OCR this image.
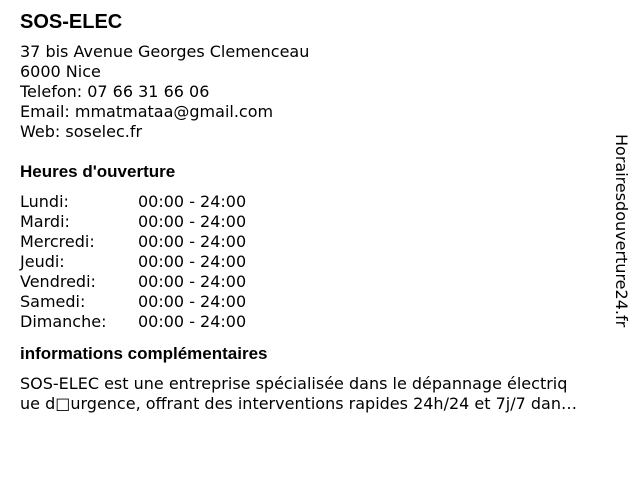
SOS-ELEC
37 bis Avenue Georges Clemenceau
6000 Nice
Telefon: 07 66 31 66 06
Email: mmatmataa@gmail.com
Web: soselec.fr
Heures d'ouverture
Lundi:	00:00 - 24:00
Mardi:	00:00 - 24:00
Mercredi:	00:00 - 24:00
Jeudi:	00:00 - 24:00
Vendredi:	00:00 - 24:00
Samedi:	00:00 - 24:00
Dimanche:	00:00 - 24:00
informations complémentaires
SOS-ELEC est une entreprise spécialisée dans le dépannage électriq
ue d□urgence, offrant des interventions rapides 24h/24 et 7j/7 dan…
Horairesdouverture24.fr
